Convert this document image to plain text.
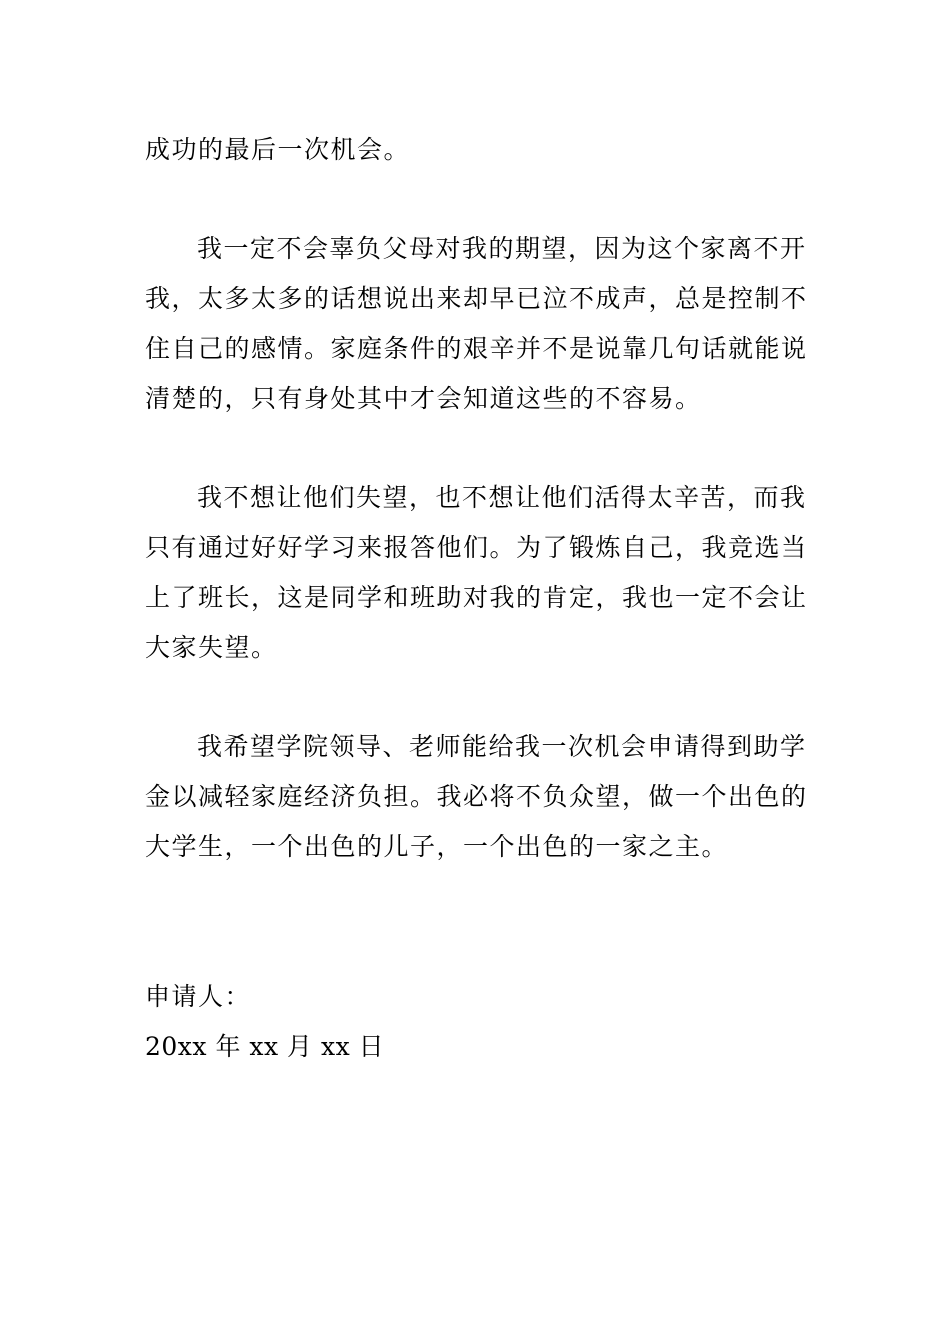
成功的最后一次机会。
我一定不会辜负父母对我的期望，因为这个家离不开
我，太多太多的话想说出来却早已泣不成声，总是控制不
住自己的感情。家庭条件的艰辛并不是说靠几句话就能说
清楚的，只有身处其中才会知道这些的不容易。
我不想让他们失望，也不想让他们活得太辛苦，而我
只有通过好好学习来报答他们。为了锻炼自己，我竞选当
上了班长，这是同学和班助对我的肯定，我也一定不会让
大家失望。
我希望学院领导、老师能给我一次机会申请得到助学
金以减轻家庭经济负担。我必将不负众望，做一个出色的
大学生，一个出色的儿子，一个出色的一家之主。
申请人：
20xx 年 xx 月 xx 日
